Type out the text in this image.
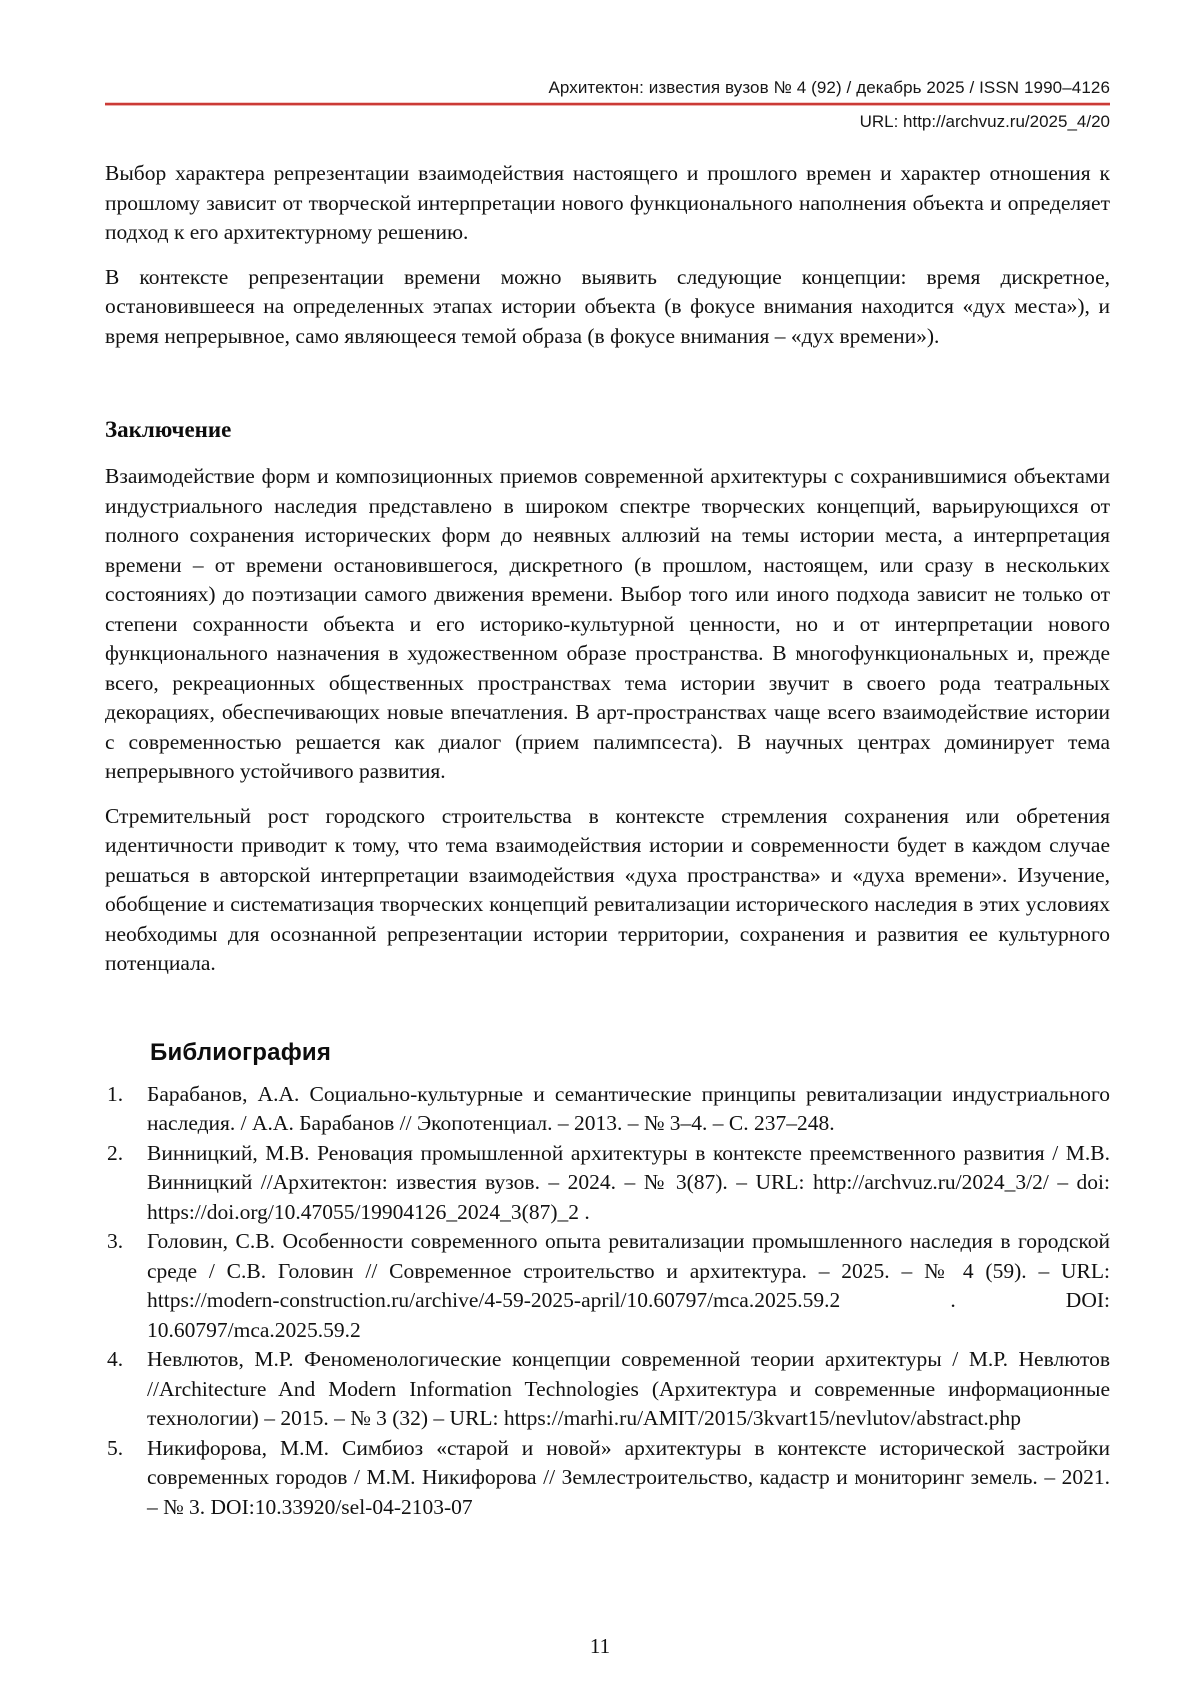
Архитектон: известия вузов № 4 (92) / декабрь 2025 / ISSN 1990–4126
URL: http://archvuz.ru/2025_4/20

Выбор характера репрезентации взаимодействия настоящего и прошлого времен и характер отношения к прошлому зависит от творческой интерпретации нового функционального наполнения объекта и определяет подход к его архитектурному решению.

В контексте репрезентации времени можно выявить следующие концепции: время дискретное, остановившееся на определенных этапах истории объекта (в фокусе внимания находится «дух места»), и время непрерывное, само являющееся темой образа (в фокусе внимания – «дух времени»).

Заключение

Взаимодействие форм и композиционных приемов современной архитектуры с сохранившимися объектами индустриального наследия представлено в широком спектре творческих концепций, варьирующихся от полного сохранения исторических форм до неявных аллюзий на темы истории места, а интерпретация времени – от времени остановившегося, дискретного (в прошлом, настоящем, или сразу в нескольких состояниях) до поэтизации самого движения времени. Выбор того или иного подхода зависит не только от степени сохранности объекта и его историко-культурной ценности, но и от интерпретации нового функционального назначения в художественном образе пространства. В многофункциональных и, прежде всего, рекреационных общественных пространствах тема истории звучит в своего рода театральных декорациях, обеспечивающих новые впечатления. В арт-пространствах чаще всего взаимодействие истории с современностью решается как диалог (прием палимпсеста). В научных центрах доминирует тема непрерывного устойчивого развития.

Стремительный рост городского строительства в контексте стремления сохранения или обретения идентичности приводит к тому, что тема взаимодействия истории и современности будет в каждом случае решаться в авторской интерпретации взаимодействия «духа пространства» и «духа времени». Изучение, обобщение и систематизация творческих концепций ревитализации исторического наследия в этих условиях необходимы для осознанной репрезентации истории территории, сохранения и развития ее культурного потенциала.

Библиография
1.	Барабанов, А.А. Социально-культурные и семантические принципы ревитализации индустриального наследия. / А.А. Барабанов // Экопотенциал. – 2013. – № 3–4. – С. 237–248.
2.	Винницкий, М.В. Реновация промышленной архитектуры в контексте преемственного развития / М.В. Винницкий //Архитектон: известия вузов. – 2024. – № 3(87). – URL: http://archvuz.ru/2024_3/2/ – doi: https://doi.org/10.47055/19904126_2024_3(87)_2 .
3.	Головин, С.В. Особенности современного опыта ревитализации промышленного наследия в городской среде / С.В. Головин // Современное строительство и архитектура. – 2025. – № 4 (59). – URL: https://modern-construction.ru/archive/4-59-2025-april/10.60797/mca.2025.59.2 . DOI: 10.60797/mca.2025.59.2
4.	Невлютов, М.Р. Феноменологические концепции современной теории архитектуры / М.Р. Невлютов //Architecture And Modern Information Technologies (Архитектура и современные информационные технологии) – 2015. – № 3 (32) – URL: https://marhi.ru/AMIT/2015/3kvart15/nevlutov/abstract.php
5.	Никифорова, М.М. Симбиоз «старой и новой» архитектуры в контексте исторической застройки современных городов / М.М. Никифорова // Землестроительство, кадастр и мониторинг земель. – 2021. – № 3. DOI:10.33920/sel-04-2103-07
11
